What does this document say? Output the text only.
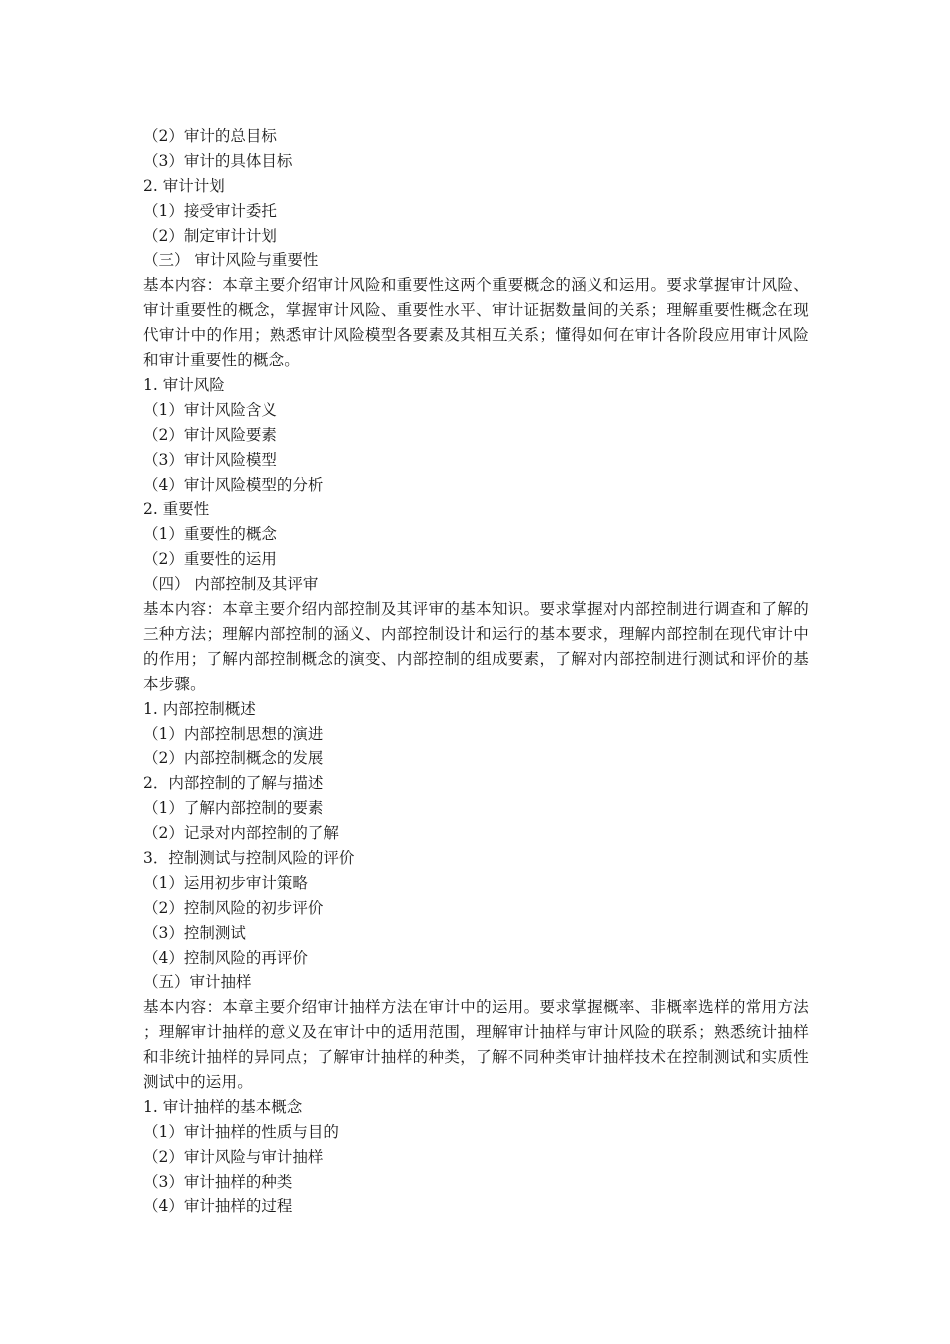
（2）审计的总目标
（3）审计的具体目标
2. 审计计划
（1）接受审计委托
（2）制定审计计划
（三） 审计风险与重要性
基本内容：本章主要介绍审计风险和重要性这两个重要概念的涵义和运用。要求掌握审计风险、审计重要性的概念，掌握审计风险、重要性水平、审计证据数量间的关系；理解重要性概念在现代审计中的作用；熟悉审计风险模型各要素及其相互关系；懂得如何在审计各阶段应用审计风险和审计重要性的概念。
1. 审计风险
（1）审计风险含义
（2）审计风险要素
（3）审计风险模型
（4）审计风险模型的分析
2. 重要性
（1）重要性的概念
（2）重要性的运用
（四） 内部控制及其评审
基本内容：本章主要介绍内部控制及其评审的基本知识。要求掌握对内部控制进行调查和了解的三种方法；理解内部控制的涵义、内部控制设计和运行的基本要求，理解内部控制在现代审计中的作用；了解内部控制概念的演变、内部控制的组成要素，了解对内部控制进行测试和评价的基本步骤。
1. 内部控制概述
（1）内部控制思想的演进
（2）内部控制概念的发展
2．内部控制的了解与描述
（1）了解内部控制的要素
（2）记录对内部控制的了解
3．控制测试与控制风险的评价
（1）运用初步审计策略
（2）控制风险的初步评价
（3）控制测试
（4）控制风险的再评价
（五）审计抽样
基本内容：本章主要介绍审计抽样方法在审计中的运用。要求掌握概率、非概率选样的常用方法；理解审计抽样的意义及在审计中的适用范围，理解审计抽样与审计风险的联系；熟悉统计抽样和非统计抽样的异同点；了解审计抽样的种类，了解不同种类审计抽样技术在控制测试和实质性测试中的运用。
1. 审计抽样的基本概念
（1）审计抽样的性质与目的
（2）审计风险与审计抽样
（3）审计抽样的种类
（4）审计抽样的过程
